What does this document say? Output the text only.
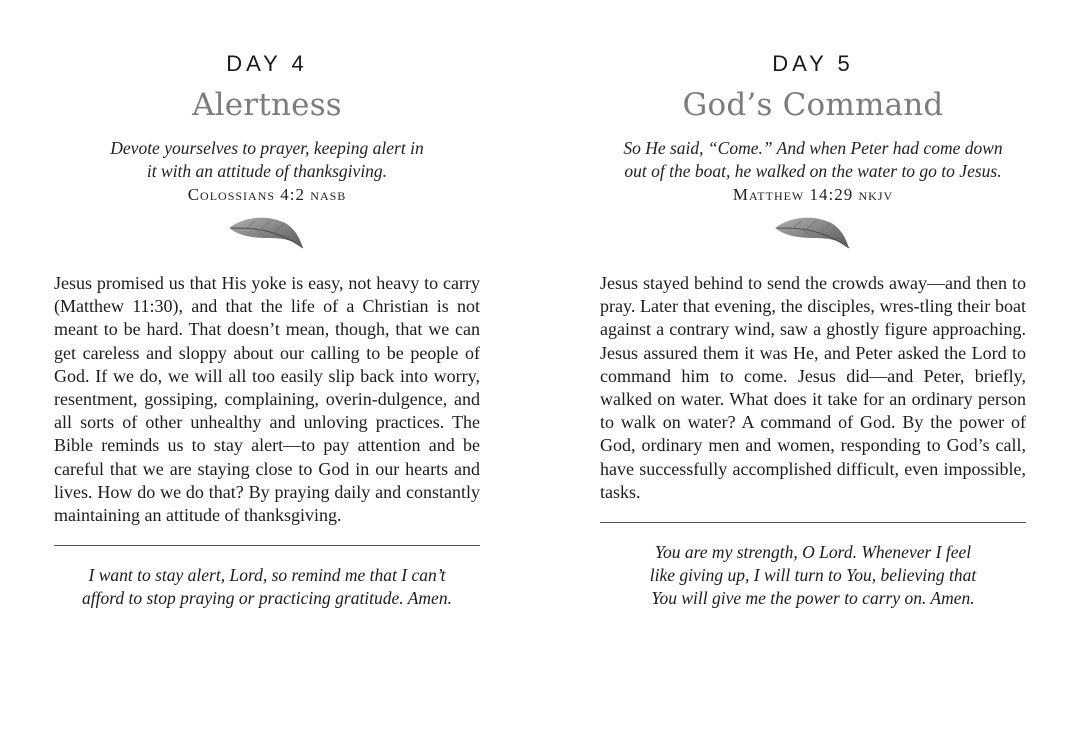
DAY 4
Alertness
Devote yourselves to prayer, keeping alert in
it with an attitude of thanksgiving.
Colossians 4:2 nasb
Jesus promised us that His yoke is easy, not heavy to carry (Matthew 11:30), and that the life of a Christian is not meant to be hard. That doesn’t mean, though, that we can get careless and sloppy about our calling to be people of God. If we do, we will all too easily slip back into worry, resentment, gossiping, complaining, overin-dulgence, and all sorts of other unhealthy and unloving practices. The Bible reminds us to stay alert—to pay attention and be careful that we are staying close to God in our hearts and lives. How do we do that? By praying daily and constantly maintaining an attitude of thanksgiving.
I want to stay alert, Lord, so remind me that I can’t
afford to stop praying or practicing gratitude. Amen.
DAY 5
God’s Command
So He said, “Come.” And when Peter had come down
out of the boat, he walked on the water to go to Jesus.
Matthew 14:29 nkjv
Jesus stayed behind to send the crowds away—and then to pray. Later that evening, the disciples, wres-tling their boat against a contrary wind, saw a ghostly figure approaching. Jesus assured them it was He, and Peter asked the Lord to command him to come. Jesus did—and Peter, briefly, walked on water. What does it take for an ordinary person to walk on water? A command of God. By the power of God, ordinary men and women, responding to God’s call, have successfully accomplished difficult, even impossible, tasks.
You are my strength, O Lord. Whenever I feel
like giving up, I will turn to You, believing that
You will give me the power to carry on. Amen.
